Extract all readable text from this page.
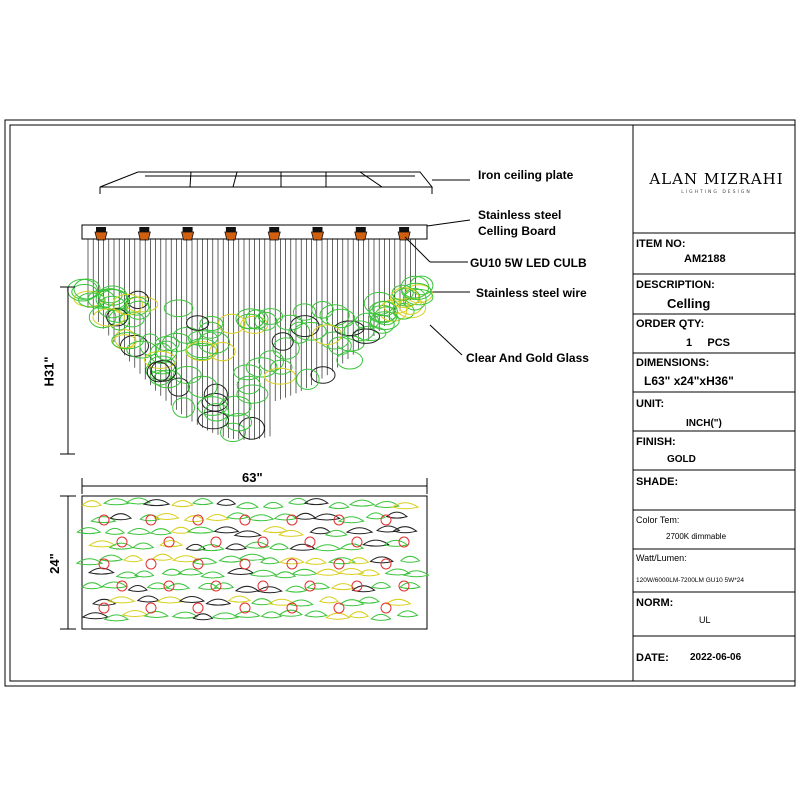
Iron ceiling plate
Stainless steel
Celling Board
GU10 5W LED CULB
Stainless steel wire
Clear And Gold Glass
H31"
63"
24"
ALAN MIZRAHI
LIGHTING DESIGN
ITEM NO:
AM2188
DESCRIPTION:
Celling
ORDER QTY:
1     PCS
DIMENSIONS:
L63" x24"xH36"
UNIT:
INCH(")
FINISH:
GOLD
SHADE:
Color Tem:
2700K dimmable
Watt/Lumen:
120W/6000LM-7200LM GU10 5W*24
NORM:
UL
DATE: 2022-06-06
